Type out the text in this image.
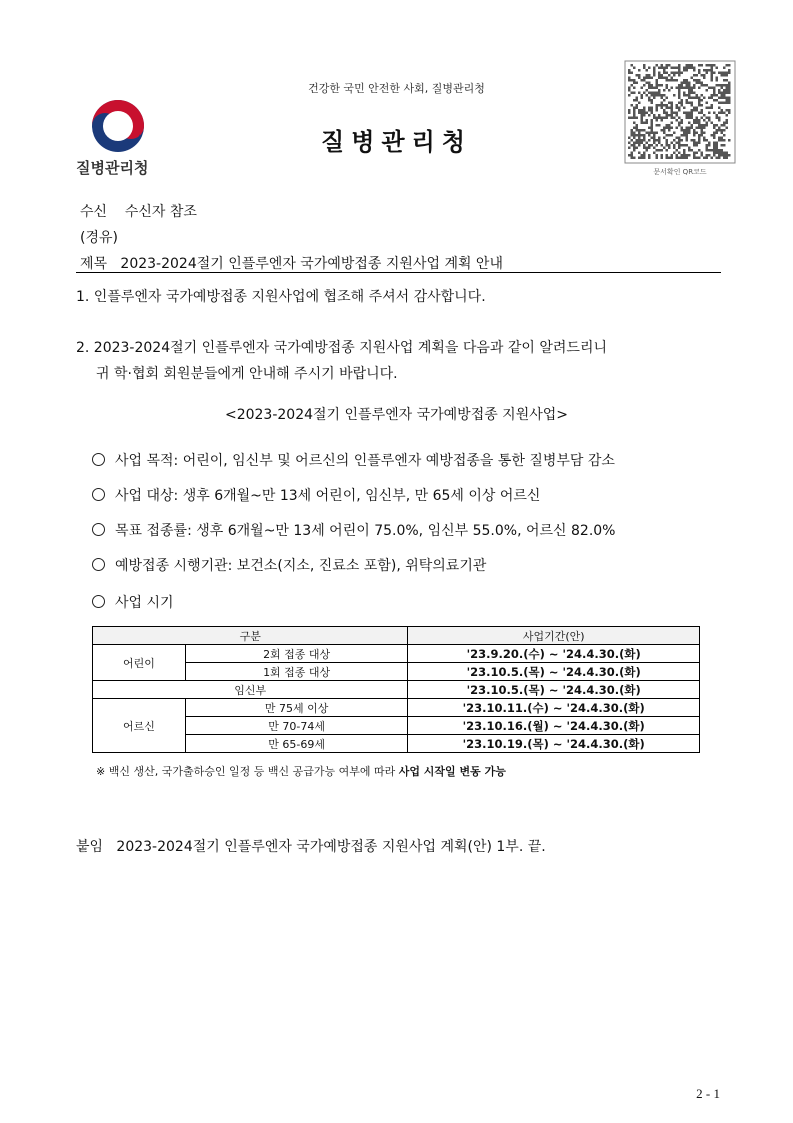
건강한 국민 안전한 사회, 질병관리청
질병관리청
질병관리청	문서확인 QR코드
수신 수신자 참조
(경유)
제목 2023-2024절기 인플루엔자 국가예방접종 지원사업 계획 안내
1. 인플루엔자 국가예방접종 지원사업에 협조해 주셔서 감사합니다.
2. 2023-2024절기 인플루엔자 국가예방접종 지원사업 계획을 다음과 같이 알려드리니
귀 학·협회 회원분들에게 안내해 주시기 바랍니다.
<2023-2024절기 인플루엔자 국가예방접종 지원사업>
사업 목적: 어린이, 임신부 및 어르신의 인플루엔자 예방접종을 통한 질병부담 감소
사업 대상: 생후 6개월~만 13세 어린이, 임신부, 만 65세 이상 어르신
목표 접종률: 생후 6개월~만 13세 어린이 75.0%, 임신부 55.0%, 어르신 82.0%
예방접종 시행기관: 보건소(지소, 진료소 포함), 위탁의료기관
사업 시기
구분		사업기간(안)
어린이	2회 접종 대상	'23.9.20.(수) ~ '24.4.30.(화)
	1회 접종 대상	'23.10.5.(목) ~ '24.4.30.(화)
임신부		'23.10.5.(목) ~ '24.4.30.(화)
어르신	만 75세 이상	'23.10.11.(수) ~ '24.4.30.(화)
	만 70-74세	'23.10.16.(월) ~ '24.4.30.(화)
	만 65-69세	'23.10.19.(목) ~ '24.4.30.(화)
※ 백신 생산, 국가출하승인 일정 등 백신 공급가능 여부에 따라 사업 시작일 변동 가능
붙임 2023-2024절기 인플루엔자 국가예방접종 지원사업 계획(안) 1부. 끝.
2 - 1
